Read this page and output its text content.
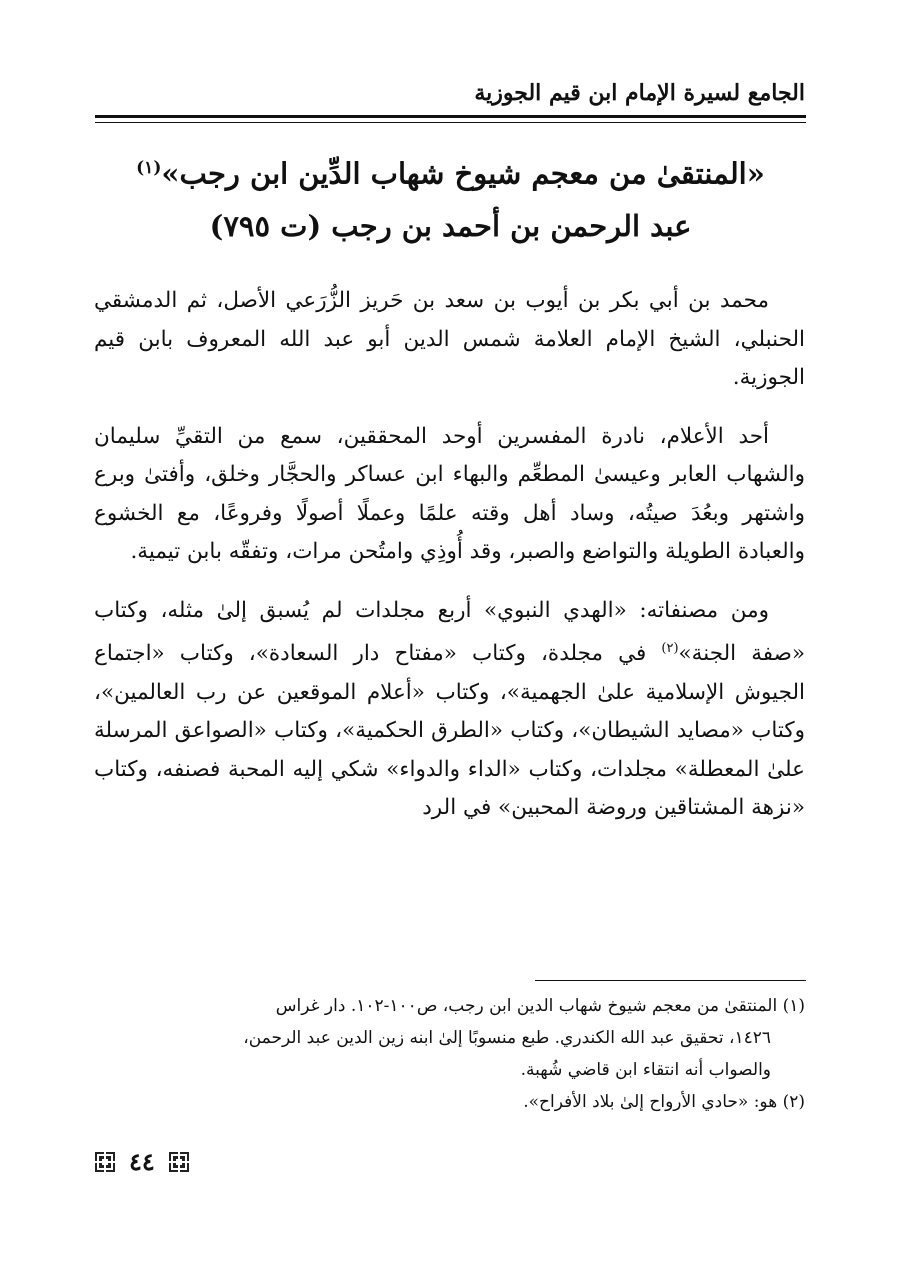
الجامع لسيرة الإمام ابن قيم الجوزية
«المنتقىٰ من معجم شيوخ شهاب الدِّين ابن رجب»$^{(١)}$
عبد الرحمن بن أحمد بن رجب (ت ٧٩٥)

محمد بن أبي بكر بن أيوب بن سعد بن حَريز الزُّرَعي الأصل، ثم الدمشقي الحنبلي، الشيخ الإمام العلامة شمس الدين أبو عبد الله المعروف بابن قيم الجوزية.

أحد الأعلام، نادرة المفسرين أوحد المحققين، سمع من التقيِّ سليمان والشهاب العابر وعيسىٰ المطعِّم والبهاء ابن عساكر والحجَّار وخلق، وأفتىٰ وبرع واشتهر وبعُدَ صيتُه، وساد أهل وقته علمًا وعملًا أصولًا وفروعًا، مع الخشوع والعبادة الطويلة والتواضع والصبر، وقد أُوذِي وامتُحن مرات، وتفقّه بابن تيمية.

ومن مصنفاته: «الهدي النبوي» أربع مجلدات لم يُسبق إلىٰ مثله، وكتاب «صفة الجنة»$^{(٢)}$ في مجلدة، وكتاب «مفتاح دار السعادة»، وكتاب «اجتماع الجيوش الإسلامية علىٰ الجهمية»، وكتاب «أعلام الموقعين عن رب العالمين»، وكتاب «مصايد الشيطان»، وكتاب «الطرق الحكمية»، وكتاب «الصواعق المرسلة علىٰ المعطلة» مجلدات، وكتاب «الداء والدواء» شكي إليه المحبة فصنفه، وكتاب «نزهة المشتاقين وروضة المحبين» في الرد

(١) المنتقىٰ من معجم شيوخ شهاب الدين ابن رجب، ص١٠٠-١٠٢. دار غراس

١٤٢٦، تحقيق عبد الله الكندري. طبع منسوبًا إلىٰ ابنه زين الدين عبد الرحمن،

والصواب أنه انتقاء ابن قاضي شُهبة.

(٢) هو: «حادي الأرواح إلىٰ بلاد الأفراح».

٤٤
